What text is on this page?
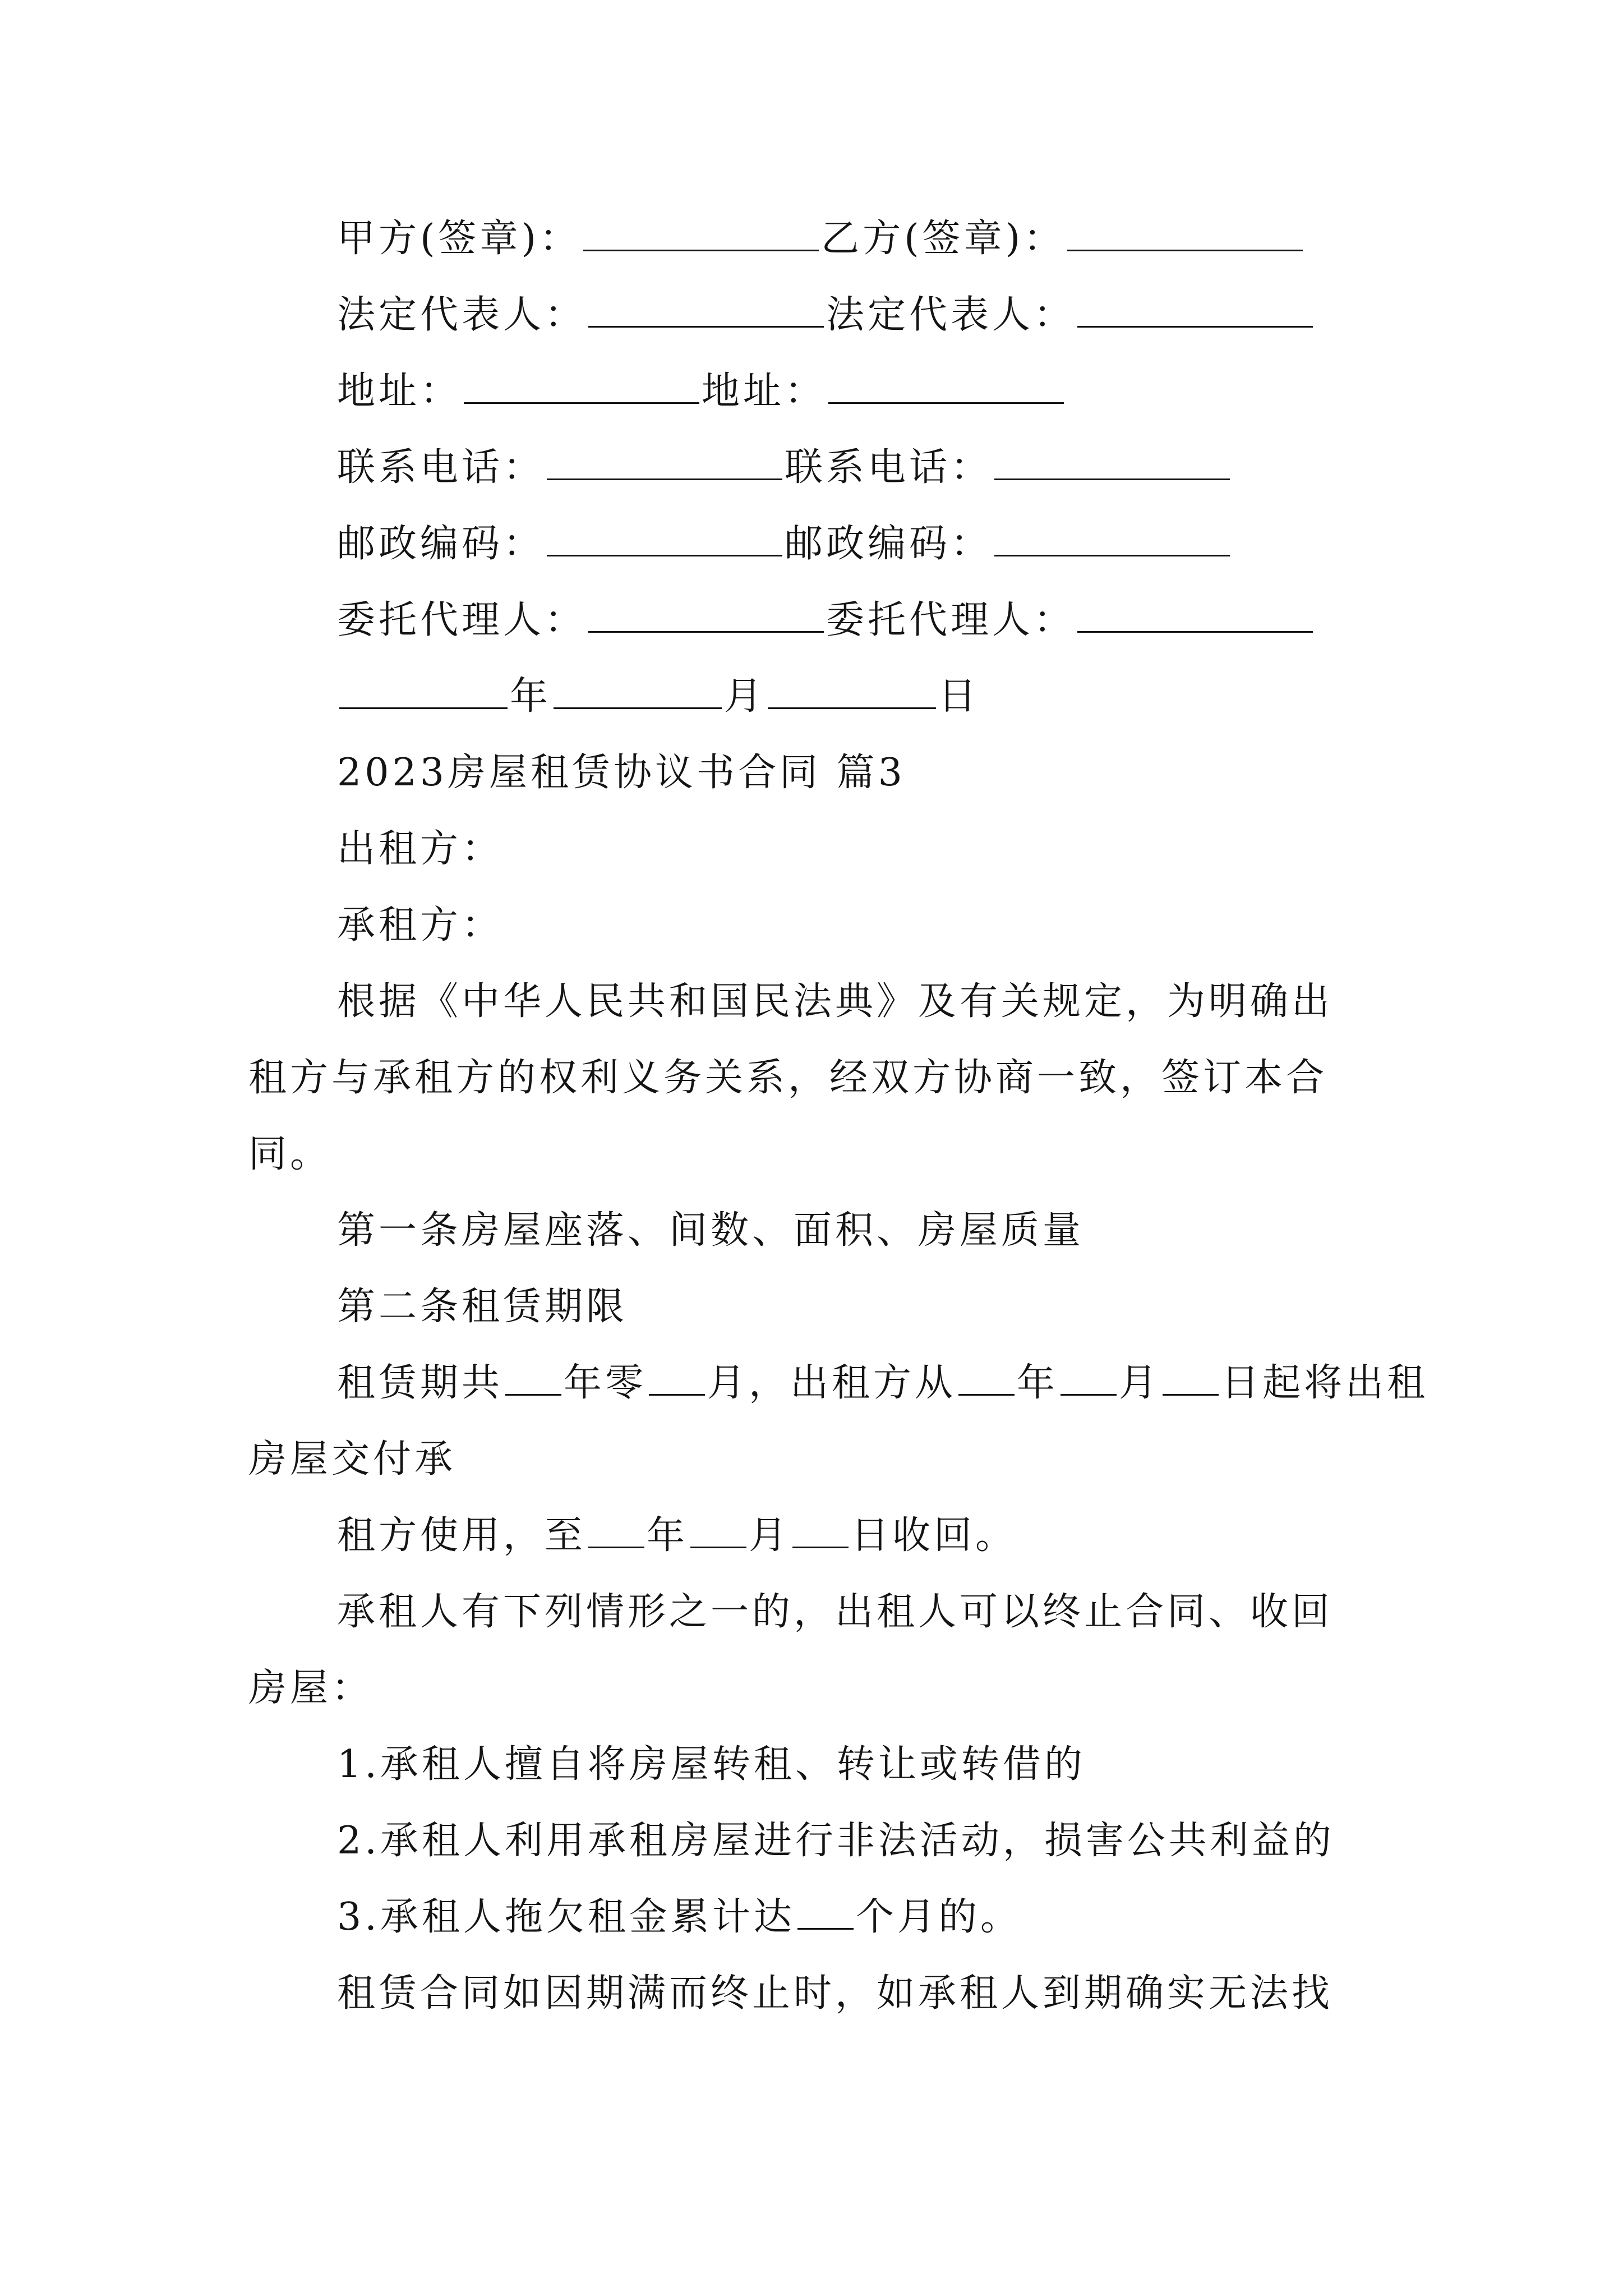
甲方(签章)：	乙方(签章)：
法定代表人：	法定代表人：
地址：	地址：
联系电话：	联系电话：
邮政编码：	邮政编码：
委托代理人：	委托代理人：
年	月	日
2023房屋租赁协议书合同 篇3
出租方：
承租方：
根据《中华人民共和国民法典》及有关规定，为明确出
租方与承租方的权利义务关系，经双方协商一致，签订本合
同。
第一条房屋座落、间数、面积、房屋质量
第二条租赁期限
租赁期共 年零 月，出租方从 年 月 日起将出租
房屋交付承
租方使用，至 年 月 日收回。
承租人有下列情形之一的，出租人可以终止合同、收回
房屋：
1.承租人擅自将房屋转租、转让或转借的
2.承租人利用承租房屋进行非法活动，损害公共利益的
3.承租人拖欠租金累计达 个月的。
租赁合同如因期满而终止时，如承租人到期确实无法找
